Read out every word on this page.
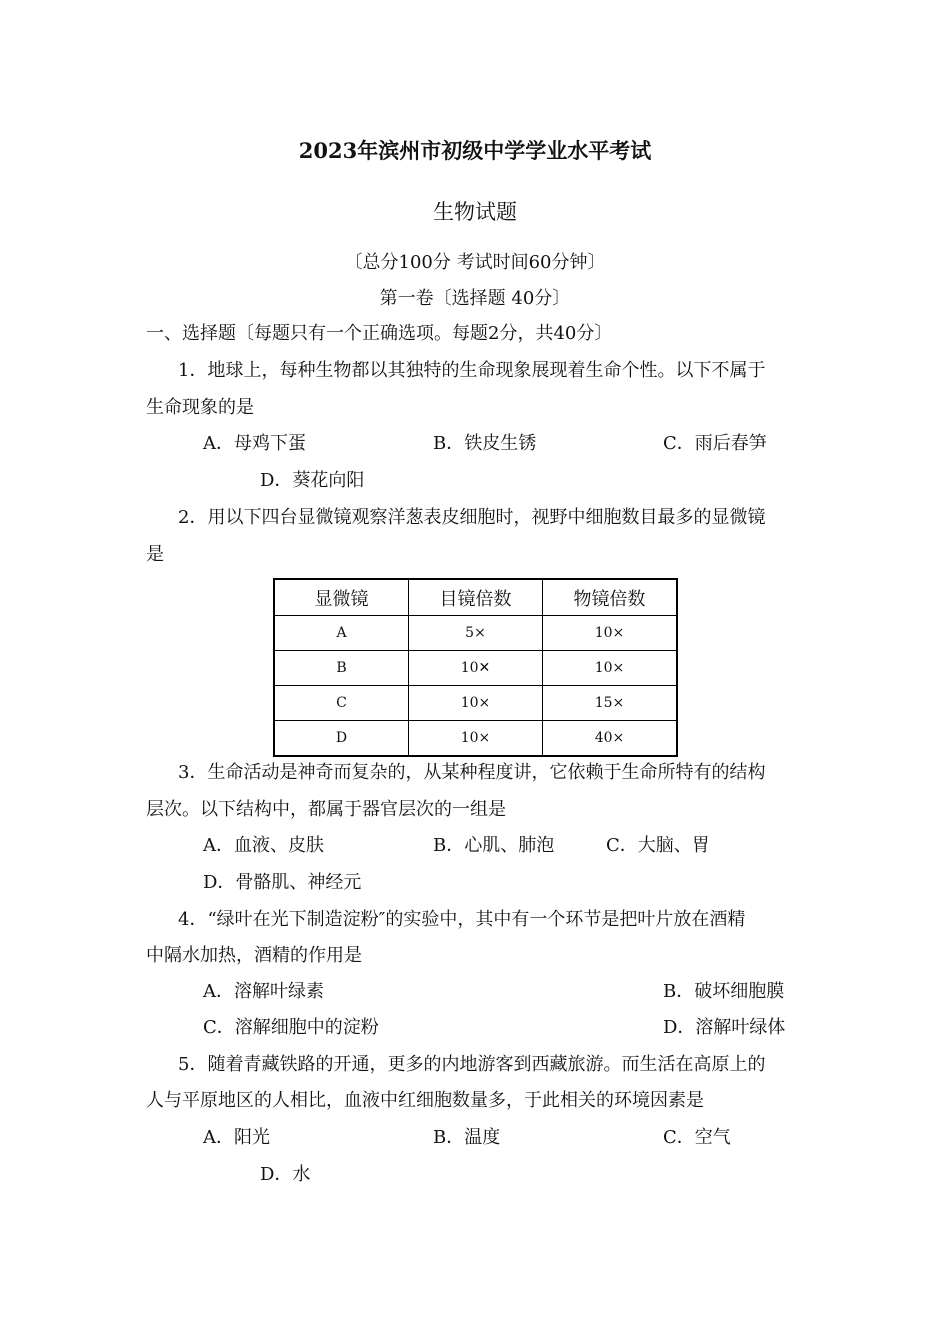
2023年滨州市初级中学学业水平考试
生物试题
〔总分100分 考试时间60分钟〕
第一卷〔选择题 40分〕
一、选择题〔每题只有一个正确选项。每题2分，共40分〕
1．地球上，每种生物都以其独特的生命现象展现着生命个性。以下不属于
生命现象的是
A．母鸡下蛋	B．铁皮生锈	C．雨后春笋
D．葵花向阳
2．用以下四台显微镜观察洋葱表皮细胞时，视野中细胞数目最多的显微镜
是
显微镜	目镜倍数	物镜倍数
A	5×	10×
B	10✕	10×
C	10×	15×
D	10×	40×
3．生命活动是神奇而复杂的，从某种程度讲，它依赖于生命所特有的结构
层次。以下结构中，都属于器官层次的一组是
A．血液、皮肤	B．心肌、肺泡	C．大脑、胃
D．骨骼肌、神经元
4．“绿叶在光下制造淀粉″的实验中，其中有一个环节是把叶片放在酒精
中隔水加热，酒精的作用是
A．溶解叶绿素	B．破坏细胞膜
C．溶解细胞中的淀粉	D．溶解叶绿体
5．随着青藏铁路的开通，更多的内地游客到西藏旅游。而生活在高原上的
人与平原地区的人相比，血液中红细胞数量多，于此相关的环境因素是
A．阳光	B．温度	C．空气
D．水
